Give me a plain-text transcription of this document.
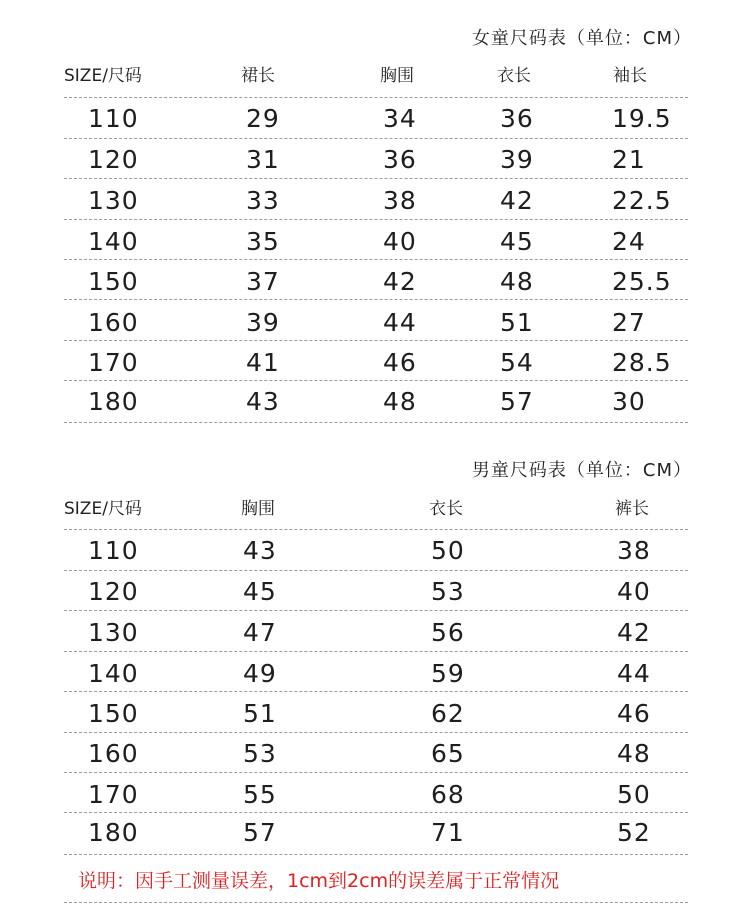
女童尺码表（单位：CM）
SIZE/尺码	裙长	胸围	衣长	袖长
110	29	34	36	19.5
120	31	36	39	21
130	33	38	42	22.5
140	35	40	45	24
150	37	42	48	25.5
160	39	44	51	27
170	41	46	54	28.5
180	43	48	57	30
男童尺码表（单位：CM）
SIZE/尺码	胸围	衣长	裤长
110	43	50	38
120	45	53	40
130	47	56	42
140	49	59	44
150	51	62	46
160	53	65	48
170	55	68	50
180	57	71	52
说明：因手工测量误差，1cm到2cm的误差属于正常情况
